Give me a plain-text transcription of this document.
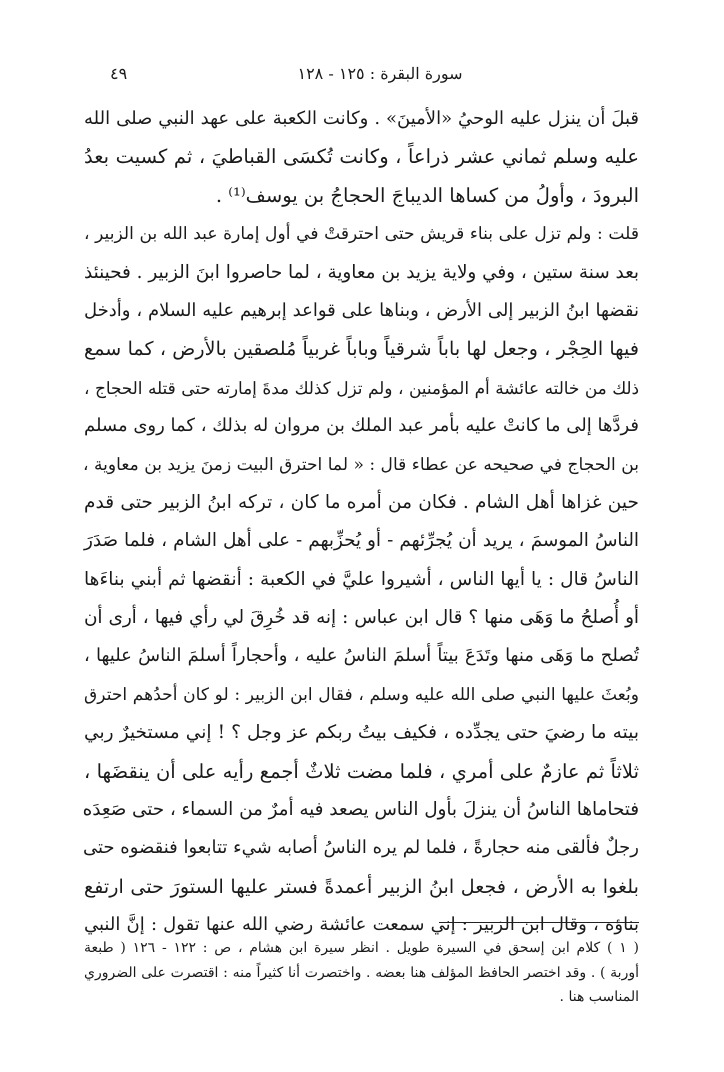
سورة البقرة : ١٢٥ - ١٢٨
٤٩
قبلَ أن ينزل عليه الوحيُ «الأمينَ» . وكانت الكعبة على عهد النبي صلى الله
عليه وسلم ثماني عشر ذراعاً ، وكانت تُكسَى القباطيَ ، ثم كسيت بعدُ
البرودَ ، وأولُ من كساها الديباجَ الحجاجُ بن يوسف⁽¹⁾ .
قلت : ولم تزل على بناء قريش حتى احترقتْ في أول إمارة عبد الله بن الزبير ،
بعد سنة ستين ، وفي ولاية يزيد بن معاوية ، لما حاصروا ابنَ الزبير . فحينئذ
نقضها ابنُ الزبير إلى الأرض ، وبناها على قواعد إبرهيم عليه السلام ، وأدخل
فيها الحِجْر ، وجعل لها باباً شرقياً وباباً غربياً مُلصقين بالأرض ، كما سمع
ذلك من خالته عائشة أم المؤمنين ، ولم تزل كذلك مدةَ إمارته حتى قتله الحجاج ،
فردَّها إلى ما كانتْ عليه بأمر عبد الملك بن مروان له بذلك ، كما روى مسلم
بن الحجاج في صحيحه عن عطاء قال : « لما احترق البيت زمنَ يزيد بن معاوية ،
حين غزاها أهل الشام . فكان من أمره ما كان ، تركه ابنُ الزبير حتى قدم
الناسُ الموسمَ ، يريد أن يُجرِّئهم - أو يُحزِّبهم - على أهل الشام ، فلما صَدَرَ
الناسُ قال : يا أيها الناس ، أشيروا عليَّ في الكعبة : أنقضها ثم أبني بناءَها
أو أُصلحُ ما وَهَى منها ؟ قال ابن عباس : إنه قد خُرِقَ لي رأي فيها ، أرى أن
تُصلح ما وَهَى منها وتَدَعَ بيتاً أسلمَ الناسُ عليه ، وأحجاراً أسلمَ الناسُ عليها ،
وبُعثَ عليها النبي صلى الله عليه وسلم ، فقال ابن الزبير : لو كان أحدُهم احترق
بيته ما رضيَ حتى يجدِّده ، فكيف بيتُ ربكم عز وجل ؟ ! إني مستخيرٌ ربي
ثلاثاً ثم عازمٌ على أمري ، فلما مضت ثلاثٌ أجمع رأيه على أن ينقضَها ،
فتحاماها الناسُ أن ينزلَ بأول الناس يصعد فيه أمرٌ من السماء ، حتى صَعِدَه
رجلٌ فألقى منه حجارةً ، فلما لم يره الناسُ أصابه شيء تتابعوا فنقضوه حتى
بلغوا به الأرض ، فجعل ابنُ الزبير أعمدةً فستر عليها الستورَ حتى ارتفع
بناؤه ، وقال ابن الزبير : إني سمعت عائشة رضي الله عنها تقول : إنَّ النبي
( ١ ) كلام ابن إسحق في السيرة طويل . انظر سيرة ابن هشام ، ص : ١٢٢ - ١٢٦ ( طبعة
أوربة ) . وقد اختصر الحافظ المؤلف هنا بعضه . واختصرت أنا كثيراً منه : اقتصرت على الضروري
المناسب هنا .
